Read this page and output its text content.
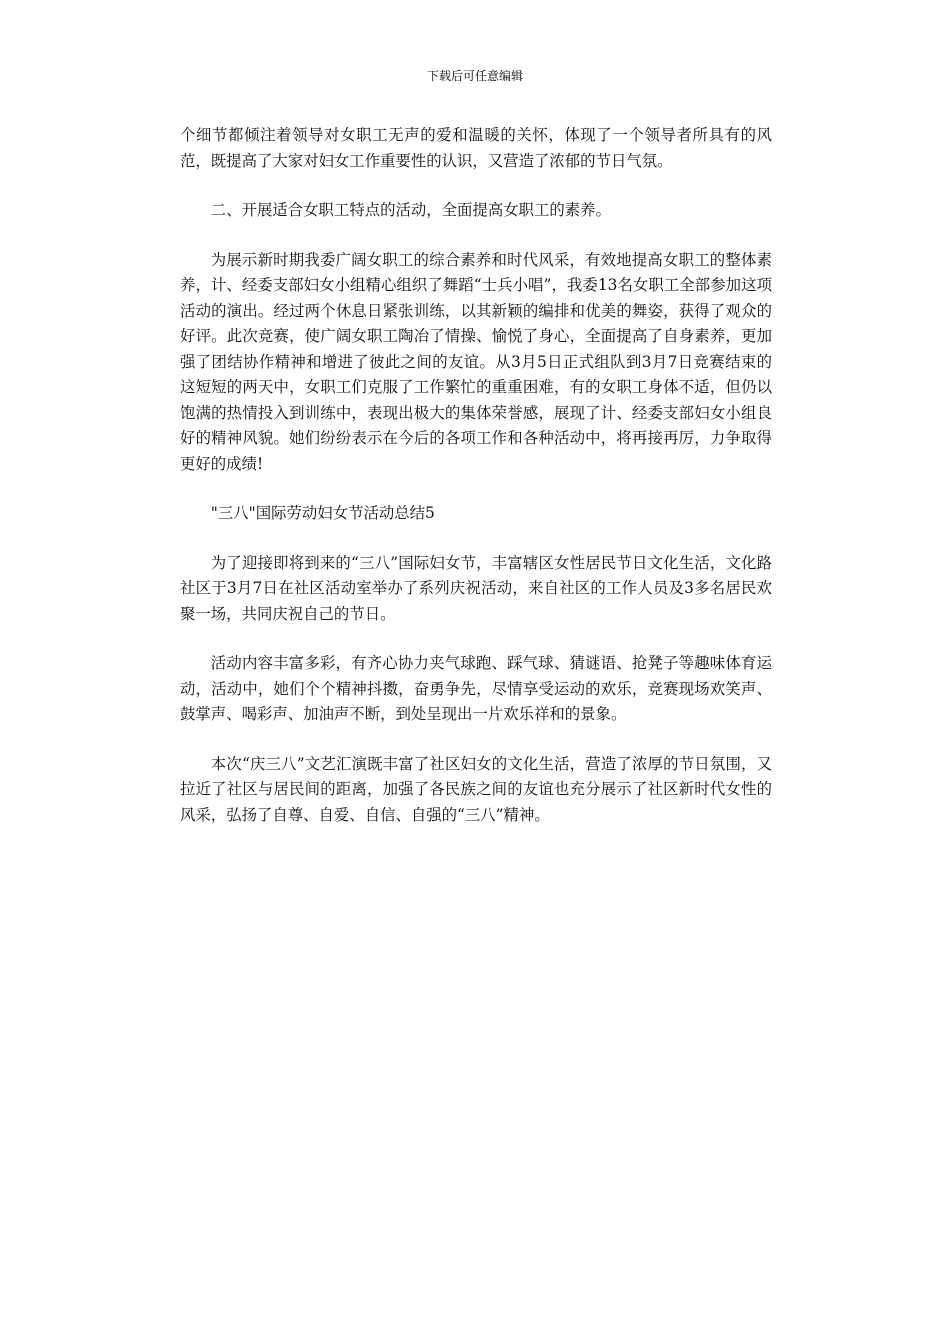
下载后可任意编辑

个细节都倾注着领导对女职工无声的爱和温暖的关怀，体现了一个领导者所具有的风范，既提高了大家对妇女工作重要性的认识，又营造了浓郁的节日气氛。

二、开展适合女职工特点的活动，全面提高女职工的素养。

为展示新时期我委广阔女职工的综合素养和时代风采，有效地提高女职工的整体素养，计、经委支部妇女小组精心组织了舞蹈“士兵小唱”，我委13名女职工全部参加这项活动的演出。经过两个休息日紧张训练，以其新颖的编排和优美的舞姿，获得了观众的好评。此次竞赛，使广阔女职工陶冶了情操、愉悦了身心，全面提高了自身素养，更加强了团结协作精神和增进了彼此之间的友谊。从3月5日正式组队到3月7日竞赛结束的这短短的两天中，女职工们克服了工作繁忙的重重困难，有的女职工身体不适，但仍以饱满的热情投入到训练中，表现出极大的集体荣誉感，展现了计、经委支部妇女小组良好的精神风貌。她们纷纷表示在今后的各项工作和各种活动中，将再接再厉，力争取得更好的成绩!

"三八"国际劳动妇女节活动总结5

为了迎接即将到来的“三八”国际妇女节，丰富辖区女性居民节日文化生活，文化路社区于3月7日在社区活动室举办了系列庆祝活动，来自社区的工作人员及3多名居民欢聚一场，共同庆祝自己的节日。

活动内容丰富多彩，有齐心协力夹气球跑、踩气球、猜谜语、抢凳子等趣味体育运动，活动中，她们个个精神抖擞，奋勇争先，尽情享受运动的欢乐，竞赛现场欢笑声、鼓掌声、喝彩声、加油声不断，到处呈现出一片欢乐祥和的景象。

本次“庆三八”文艺汇演既丰富了社区妇女的文化生活，营造了浓厚的节日氛围，又拉近了社区与居民间的距离，加强了各民族之间的友谊也充分展示了社区新时代女性的风采，弘扬了自尊、自爱、自信、自强的“三八”精神。
